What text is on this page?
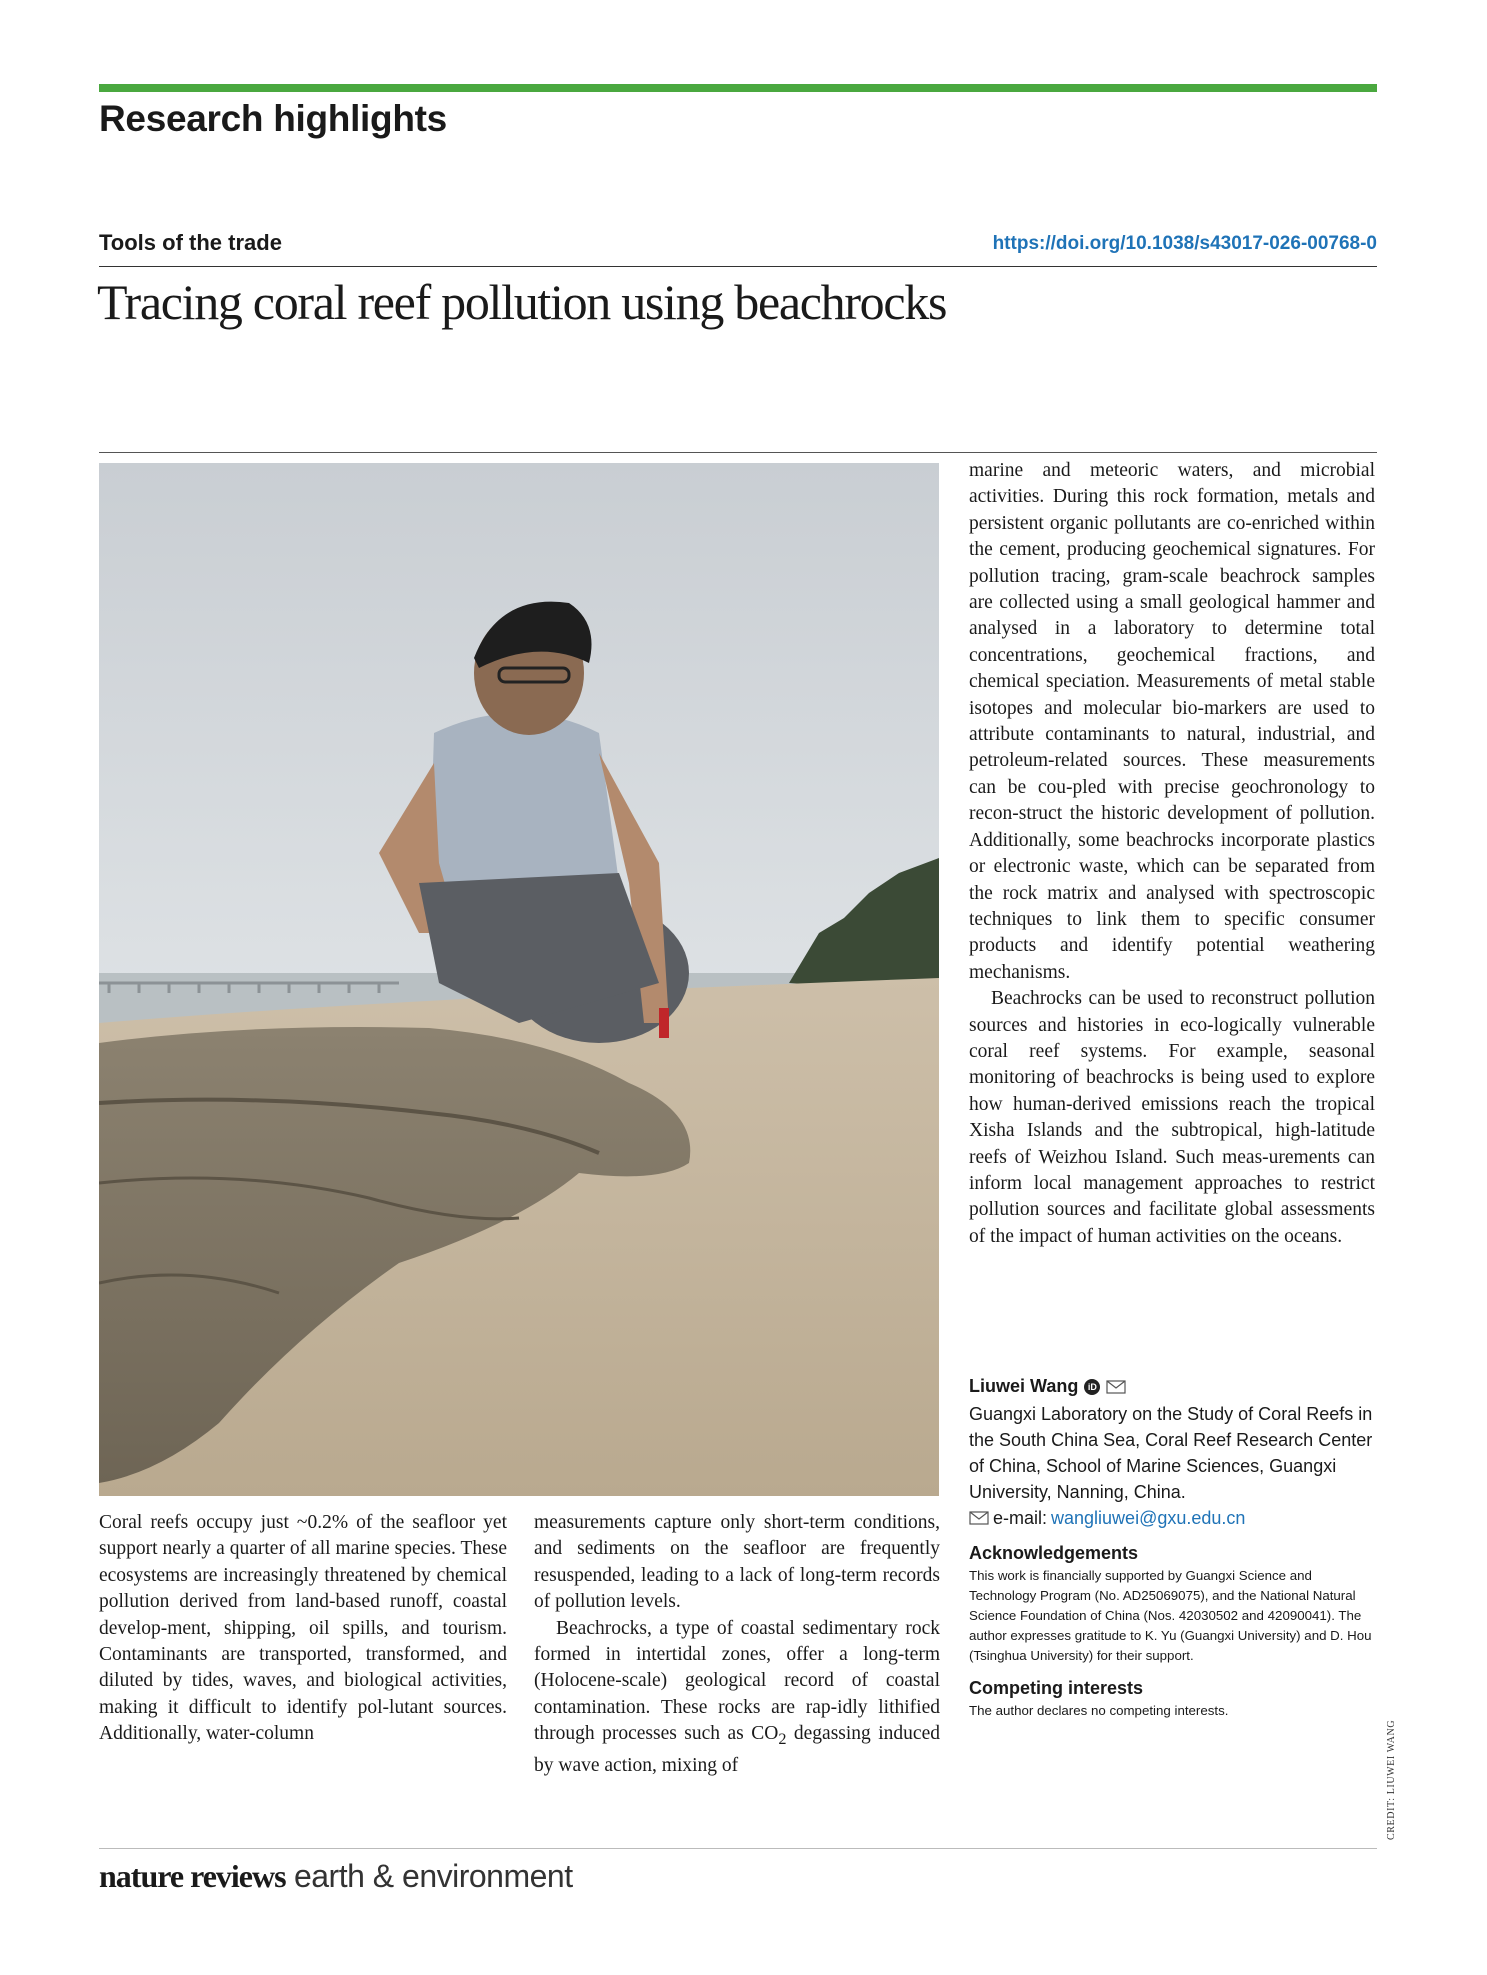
Research highlights
Tools of the trade	https://doi.org/10.1038/s43017-026-00768-0
Tracing coral reef pollution using beachrocks

marine and meteoric waters, and microbial activities. During this rock formation, metals and persistent organic pollutants are co-enriched within the cement, producing geochemical signatures. For pollution tracing, gram-scale beachrock samples are collected using a small geological hammer and analysed in a laboratory to determine total concentrations, geochemical fractions, and chemical speciation. Measurements of metal stable isotopes and molecular bio-markers are used to attribute contaminants to natural, industrial, and petroleum-related sources. These measurements can be cou-pled with precise geochronology to recon-struct the historic development of pollution. Additionally, some beachrocks incorporate plastics or electronic waste, which can be separated from the rock matrix and analysed with spectroscopic techniques to link them to specific consumer products and identify potential weathering mechanisms.

Beachrocks can be used to reconstruct pollution sources and histories in eco-logically vulnerable coral reef systems. For example, seasonal monitoring of beachrocks is being used to explore how human-derived emissions reach the tropical Xisha Islands and the subtropical, high-latitude reefs of Weizhou Island. Such meas-urements can inform local management approaches to restrict pollution sources and facilitate global assessments of the impact of human activities on the oceans.

Coral reefs occupy just ~0.2% of the seafloor yet support nearly a quarter of all marine species. These ecosystems are increasingly threatened by chemical pollution derived from land-based runoff, coastal develop-ment, shipping, oil spills, and tourism. Contaminants are transported, transformed, and diluted by tides, waves, and biological activities, making it difficult to identify pol-lutant sources. Additionally, water-column

measurements capture only short-term conditions, and sediments on the seafloor are frequently resuspended, leading to a lack of long-term records of pollution levels.

Beachrocks, a type of coastal sedimentary rock formed in intertidal zones, offer a long-term (Holocene-scale) geological record of coastal contamination. These rocks are rap-idly lithified through processes such as $CO_2$ degassing induced by wave action, mixing of

Liuwei Wang	iD

Guangxi Laboratory on the Study of Coral Reefs in the South China Sea, Coral Reef Research Center of China, School of Marine Sciences, Guangxi University, Nanning, China.

e-mail: wangliuwei@gxu.edu.cn
Acknowledgements

This work is financially supported by Guangxi Science and Technology Program (No. AD25069075), and the National Natural Science Foundation of China (Nos. 42030502 and 42090041). The author expresses gratitude to K. Yu (Guangxi University) and D. Hou (Tsinghua University) for their support.

Competing interests

The author declares no competing interests.

CREDIT: LIUWEI WANG
nature reviews earth & environment
